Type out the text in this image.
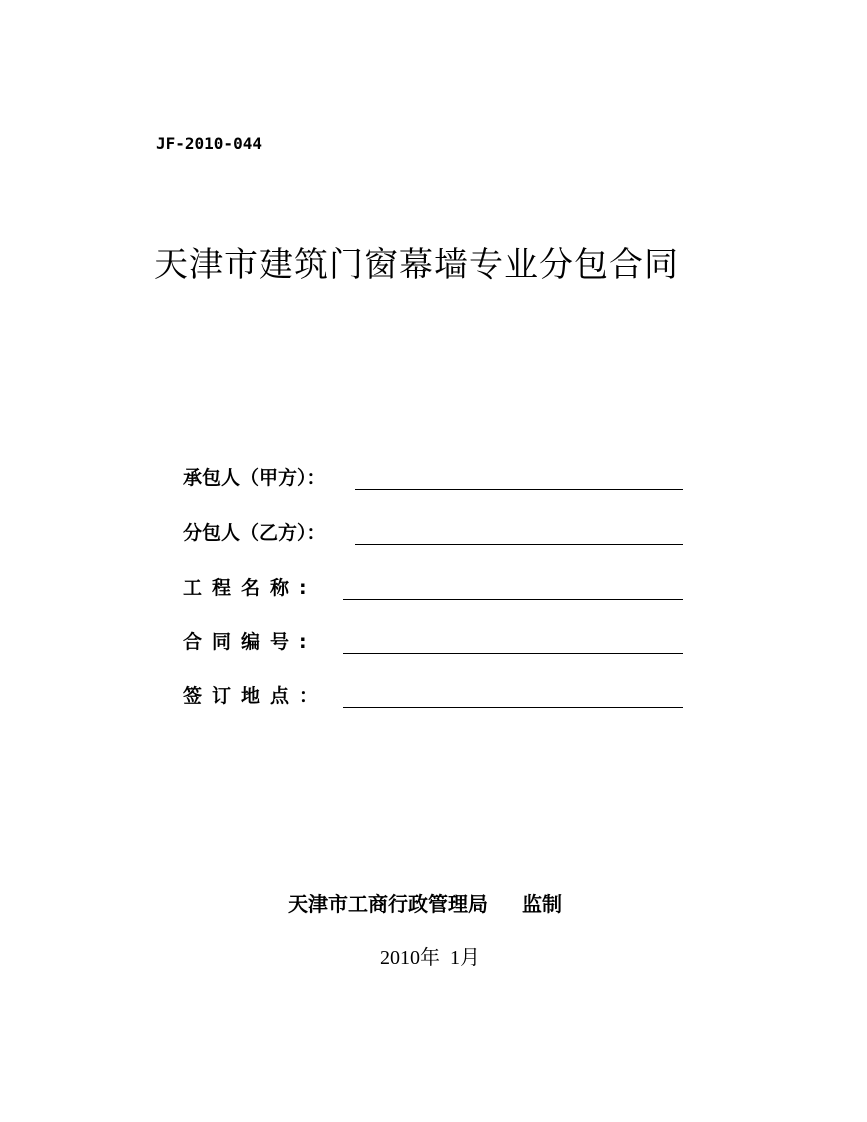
JF-2010-044
天津市建筑门窗幕墙专业分包合同
承包人（甲方）：
分包人（乙方）：
工程名称:
合同编号:
签订地点：
天津市工商行政管理局 监制
2010年  1月
